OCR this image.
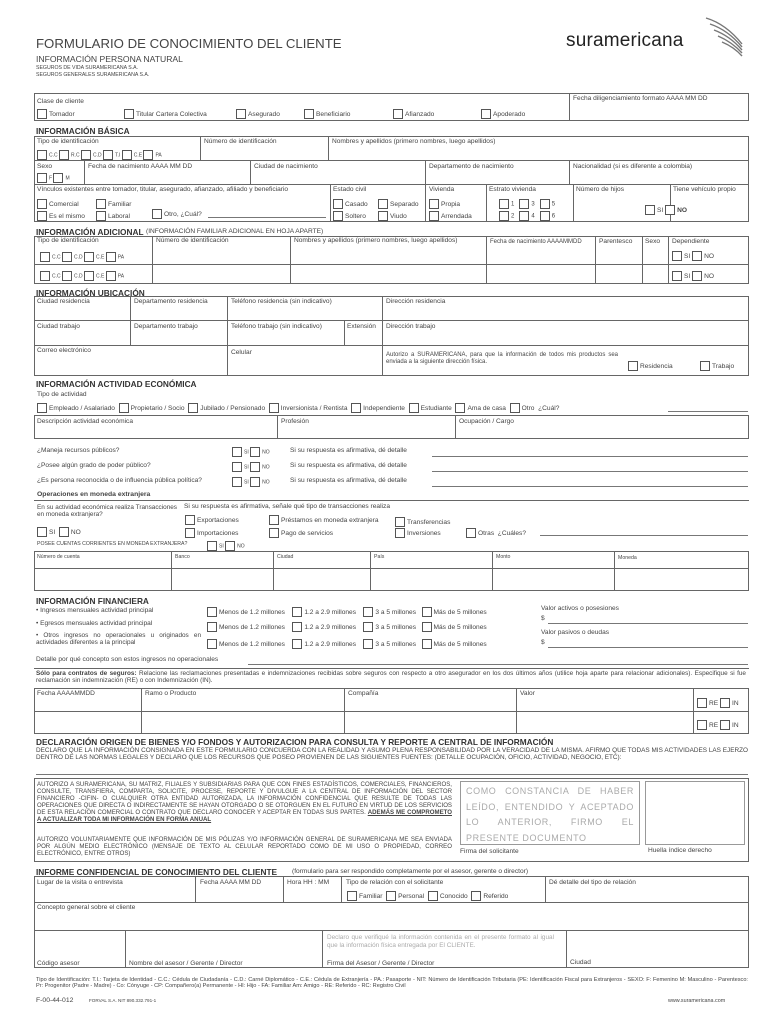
FORMULARIO DE CONOCIMIENTO DEL CLIENTE
INFORMACIÓN PERSONA NATURAL
SEGUROS DE VIDA SURAMERICANA S.A.
SEGUROS GENERALES SURAMERICANA S.A.
suramericana
Clase de cliente	Fecha diligenciamiento formato AAAA MM DD
Tomador	Titular Cartera Colectiva	Asegurado	Beneficiario	Afianzado	Apoderado
INFORMACIÓN BÁSICA
Tipo de identificación
C.C	R.C	C.D	T.I	C.E	PA
Número de identificación	Nombres y apellidos (primero nombres, luego apellidos)
Sexo
F	M
Fecha de nacimiento AAAA MM DD	Ciudad de nacimiento	Departamento de nacimiento	Nacionalidad (si es diferente a colombia)
Vínculos existentes entre tomador, titular, asegurado, afianzado, afiliado y beneficiario
Comercial	Familiar
Es el mismo	Laboral	Otro, ¿Cuál?
Estado civil
Casado	Separado
Soltero	Viudo
Vivienda
Propia
Arrendada
Estrato vivienda
1	3	5
2	4	6
Número de hijos	Tiene vehículo propio
SI NO
INFORMACIÓN ADICIONAL (INFORMACIÓN FAMILIAR ADICIONAL EN HOJA APARTE)
Tipo de identificación	Número de identificación	Nombres y apellidos (primero nombres, luego apellidos)	Fecha de nacimiento AAAAMMDD	Parentesco Sexo Dependiente
C.C	C.D	C.E	PA
C.C	C.D	C.E	PA
SI NO
SI NO
INFORMACIÓN UBICACIÓN
Ciudad residencia	Departamento residencia	Teléfono residencia (sin indicativo)	Dirección residencia
Ciudad trabajo	Departamento trabajo	Teléfono trabajo (sin indicativo)	Extensión Dirección trabajo
Correo electrónico	Celular	Autorizo a SURAMERICANA, para que la información de todos mis productos sea enviada a la siguiente dirección física.
Residencia	Trabajo
INFORMACIÓN ACTIVIDAD ECONÓMICA
Tipo de actividad
Empleado / Asalariado Propietario / Socio Jubilado / Pensionado Inversionista / Rentista Independiente Estudiante Ama de casa Otro ¿Cuál?
Descripción actividad económica	Profesión	Ocupación / Cargo
¿Maneja recursos públicos?
¿Posee algún grado de poder público?
¿Es persona reconocida o de influencia pública política?
SI	NO
SI	NO
SI	NO
Si su respuesta es afirmativa, dé detalle
Si su respuesta es afirmativa, dé detalle
Si su respuesta es afirmativa, dé detalle
Operaciones en moneda extranjera
En su actividad económica realiza Transacciones en moneda extranjera?
SI NO
Si su respuesta es afirmativa, señale qué tipo de transacciones realiza
Exportaciones	Préstamos en moneda extranjera	Transferencias
Importaciones	Pago de servicios	Inversiones	Otras ¿Cuáles?
POSEE CUENTAS CORRIENTES EN MONEDA EXTRANJERA?	SI	NO
Número de cuenta	Banco	Ciudad	País	Monto	Moneda
INFORMACIÓN FINANCIERA
• Ingresos mensuales actividad principal
• Egresos mensuales actividad principal
• Otros ingresos no operacionales u originados en actividades diferentes a la principal
Menos de 1.2 millones	1.2 a 2.9 millones	3 a 5 millones	Más de 5 millones
Menos de 1.2 millones	1.2 a 2.9 millones	3 a 5 millones	Más de 5 millones
Menos de 1.2 millones	1.2 a 2.9 millones	3 a 5 millones	Más de 5 millones
Valor activos o posesiones
$
Valor pasivos o deudas
$
Detalle por qué concepto son estos ingresos no operacionales
Sólo para contratos de seguros: Relacione las reclamaciones presentadas e indemnizaciones recibidas sobre seguros con respecto a otro asegurador en los dos últimos años (utilice hoja aparte para relacionar adicionales). Especifique si fue reclamación sin indemnización (RE) o con Indemnización (IN).
Fecha AAAAMMDD	Ramo o Producto	Compañía	Valor
RE IN
RE IN
DECLARACIÓN ORIGEN DE BIENES Y/O FONDOS Y AUTORIZACION PARA CONSULTA Y REPORTE A CENTRAL DE INFORMACIÓN
DECLARO QUE LA INFORMACIÓN CONSIGNADA EN ESTE FORMULARIO CONCUERDA CON LA REALIDAD Y ASUMO PLENA RESPONSABILIDAD POR LA VERACIDAD DE LA MISMA. AFIRMO QUE TODAS MIS ACTIVIDADES LAS EJERZO DENTRO DE LAS NORMAS LEGALES Y DECLARO QUE LOS RECURSOS QUE POSEO PROVIENEN DE LAS SIGUIENTES FUENTES: (DETALLE OCUPACIÓN, OFICIO, ACTIVIDAD, NEGOCIO, ETC):
AUTORIZO A SURAMERICANA, SU MATRIZ, FILIALES Y SUBSIDIARIAS PARA QUE CON FINES ESTADÍSTICOS, COMERCIALES, FINANCIEROS, CONSULTE, TRANSFIERA, COMPARTA, SOLICITE, PROCESE, REPORTE Y DIVULGUE A LA CENTRAL DE INFORMACIÓN DEL SECTOR FINANCIERO -CIFIN- O CUALQUIER OTRA ENTIDAD AUTORIZADA, LA INFORMACIÓN CONFIDENCIAL QUE RESULTE DE TODAS LAS OPERACIONES QUE DIRECTA O INDIRECTAMENTE SE HAYAN OTORGADO O SE OTORGUEN EN EL FUTURO EN VIRTUD DE LOS SERVICIOS DE ESTA RELACIÓN COMERCIAL O CONTRATO QUE DECLARO CONOCER Y ACEPTAR EN TODAS SUS PARTES. ADEMÁS ME COMPROMETO A ACTUALIZAR TODA MI INFORMACIÓN EN FORMA ANUAL
AUTORIZO VOLUNTARIAMENTE QUE INFORMACIÓN DE MIS PÓLIZAS Y/O INFORMACIÓN GENERAL DE SURAMERICANA ME SEA ENVIADA POR ALGÚN MEDIO ELECTRÓNICO (MENSAJE DE TEXTO AL CELULAR REPORTADO COMO DE MI USO O PROPIEDAD, CORREO ELECTRÓNICO, ENTRE OTROS)
COMO CONSTANCIA DE HABER LEÍDO, ENTENDIDO Y ACEPTADO LO ANTERIOR, FIRMO EL PRESENTE DOCUMENTO
Firma del solicitante	Huella índice derecho
INFORME CONFIDENCIAL DE CONOCIMIENTO DEL CLIENTE (formulario para ser respondido completamente por el asesor, gerente o director)
Lugar de la visita o entrevista	Fecha AAAA MM DD	Hora HH : MM	Tipo de relación con el solicitante
Familiar Personal Conocido Referido
Dé detalle del tipo de relación
Concepto general sobre el cliente
Declaro que verifiqué la información contenida en el presente formato al igual que la información física entregada por El CLIENTE.
Código asesor	Nombre del asesor / Gerente / Director	Firma del Asesor / Gerente / Director	Ciudad
Tipo de Identificación: T.I.: Tarjeta de Identidad - C.C.: Cédula de Ciudadanía - C.D.: Carné Diplomático - C.E.: Cédula de Extranjería - PA.: Pasaporte - NIT: Número de Identificación Tributaria (PE: Identificación Fiscal para Extranjeros - SEXO: F: Femenino M: Masculino - Parentesco: Pr: Progenitor (Padre - Madre) - Co: Cónyuge - CP: Compañero(a) Permanente - HI: Hijo - FA: Familiar Am: Amigo - RE: Referido - RC: Registro Civil
F-00-44-012	FORVAL S.A. NIT 890.332.791-1	www.suramericana.com
